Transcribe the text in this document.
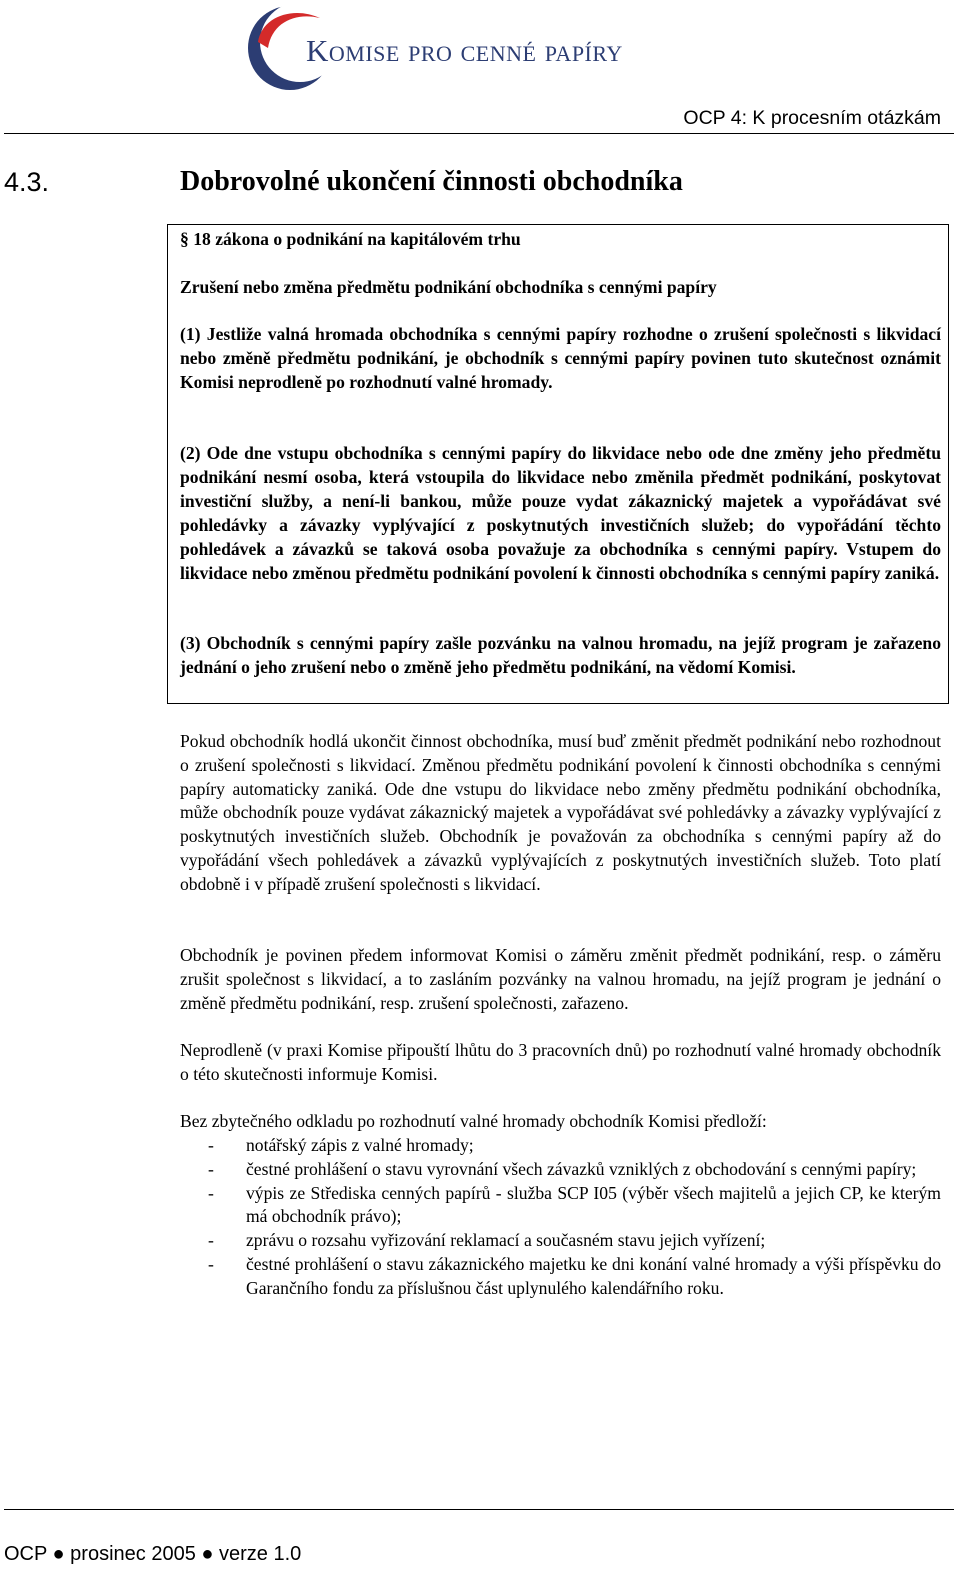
Komise pro cenné papíry
OCP 4: K procesním otázkám
4.3.	Dobrovolné ukončení činnosti obchodníka

§ 18 zákona o podnikání na kapitálovém trhu

Zrušení nebo změna předmětu podnikání obchodníka s cennými papíry

(1) Jestliže valná hromada obchodníka s cennými papíry rozhodne o zrušení společnosti s likvidací nebo změně předmětu podnikání, je obchodník s cennými papíry povinen tuto skutečnost oznámit Komisi neprodleně po rozhodnutí valné hromady.

(2) Ode dne vstupu obchodníka s cennými papíry do likvidace nebo ode dne změny jeho předmětu podnikání nesmí osoba, která vstoupila do likvidace nebo změnila předmět podnikání, poskytovat investiční služby, a není-li bankou, může pouze vydat zákaznický majetek a vypořádávat své pohledávky a závazky vyplývající z poskytnutých investičních služeb; do vypořádání těchto pohledávek a závazků se taková osoba považuje za obchodníka s cennými papíry. Vstupem do likvidace nebo změnou předmětu podnikání povolení k činnosti obchodníka s cennými papíry zaniká.

(3) Obchodník s cennými papíry zašle pozvánku na valnou hromadu, na jejíž program je zařazeno jednání o jeho zrušení nebo o změně jeho předmětu podnikání, na vědomí Komisi.

Pokud obchodník hodlá ukončit činnost obchodníka, musí buď změnit předmět podnikání nebo rozhodnout o zrušení společnosti s likvidací. Změnou předmětu podnikání povolení k činnosti obchodníka s cennými papíry automaticky zaniká. Ode dne vstupu do likvidace nebo změny předmětu podnikání obchodníka, může obchodník pouze vydávat zákaznický majetek a vypořádávat své pohledávky a závazky vyplývající z poskytnutých investičních služeb. Obchodník je považován za obchodníka s cennými papíry až do vypořádání všech pohledávek a závazků vyplývajících z poskytnutých investičních služeb. Toto platí obdobně i v případě zrušení společnosti s likvidací.

Obchodník je povinen předem informovat Komisi o záměru změnit předmět podnikání, resp. o záměru zrušit společnost s likvidací, a to zasláním pozvánky na valnou hromadu, na jejíž program je jednání o změně předmětu podnikání, resp. zrušení společnosti, zařazeno.

Neprodleně (v praxi Komise připouští lhůtu do 3 pracovních dnů) po rozhodnutí valné hromady obchodník o této skutečnosti informuje Komisi.

Bez zbytečného odkladu po rozhodnutí valné hromady obchodník Komisi předloží:

- notářský zápis z valné hromady;
- čestné prohlášení o stavu vyrovnání všech závazků vzniklých z obchodování s cennými papíry;
- výpis ze Střediska cenných papírů - služba SCP I05 (výběr všech majitelů a jejich CP, ke kterým má obchodník právo);
- zprávu o rozsahu vyřizování reklamací a současném stavu jejich vyřízení;
- čestné prohlášení o stavu zákaznického majetku ke dni konání valné hromady a výši příspěvku do Garančního fondu za příslušnou část uplynulého kalendářního roku.
OCP ● prosinec 2005 ● verze 1.0
